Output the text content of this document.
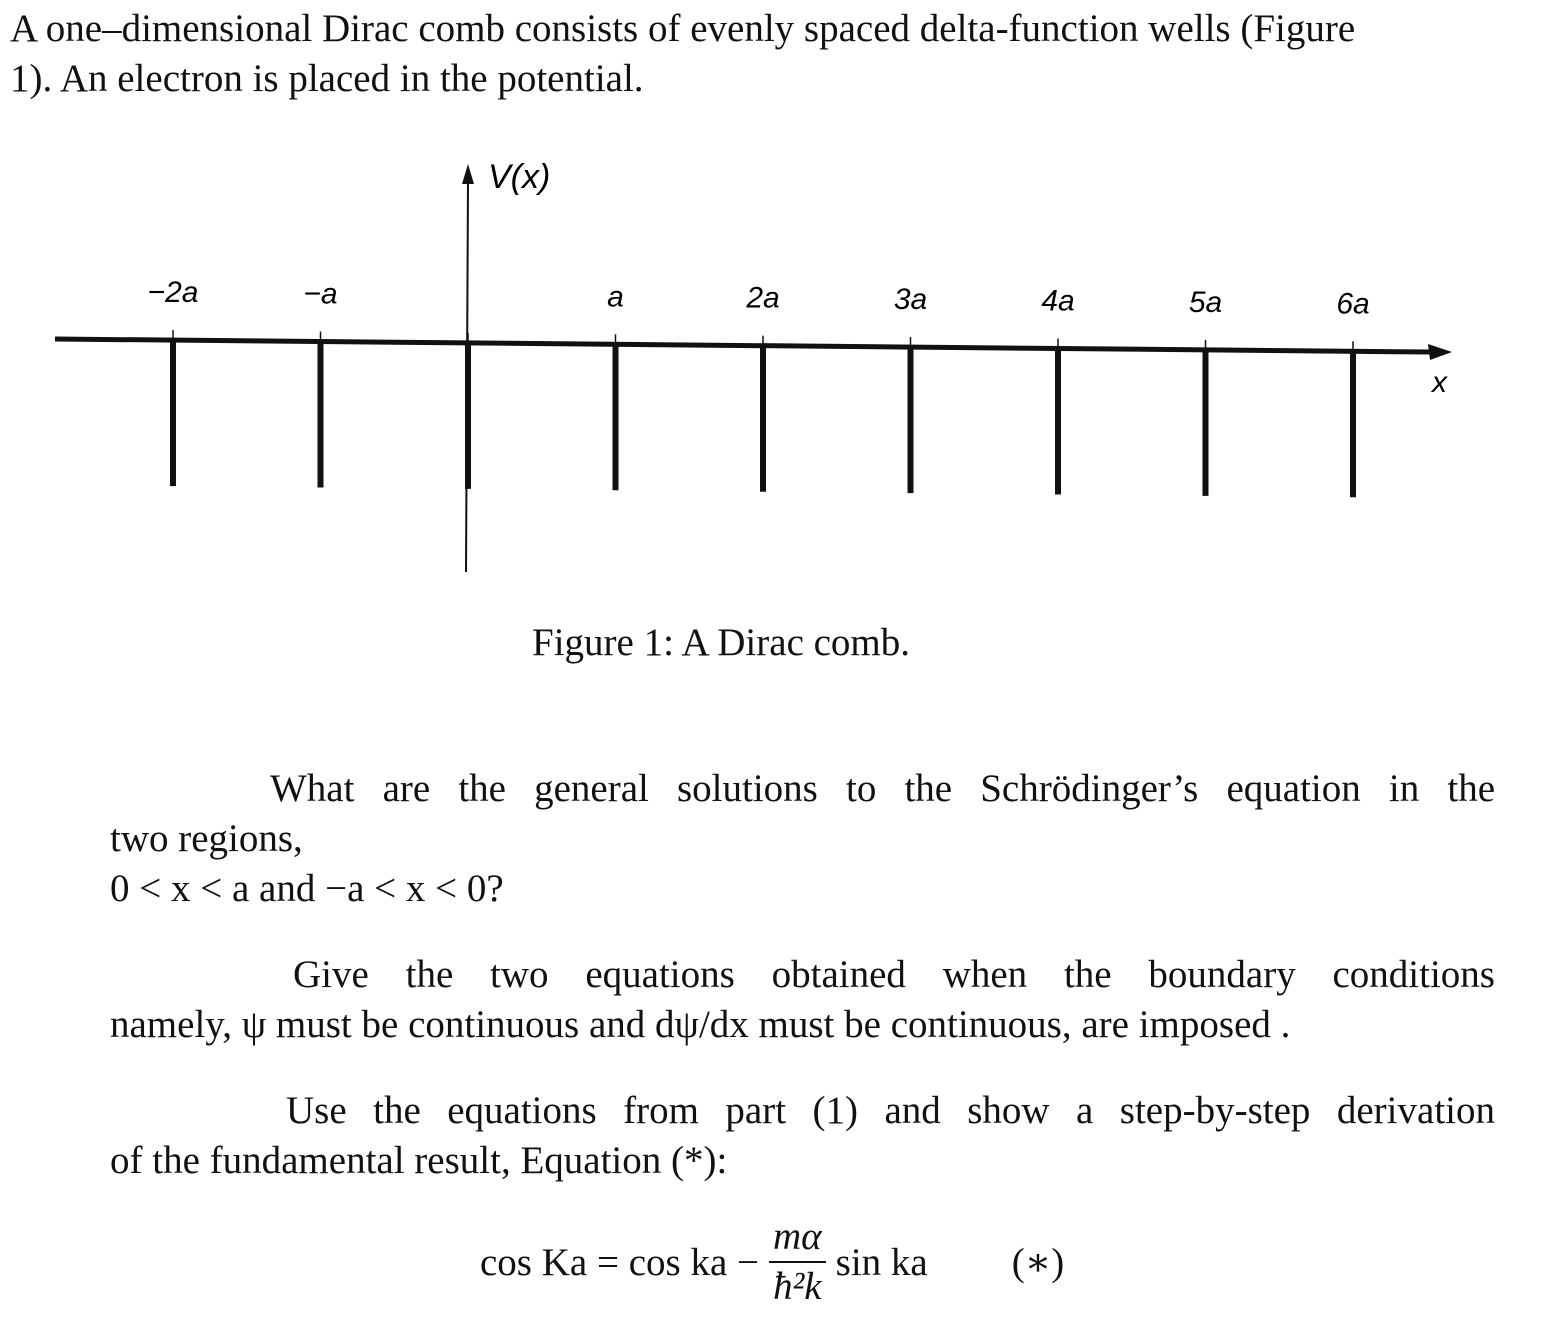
A one–dimensional Dirac comb consists of evenly spaced delta-function wells (Figure
1). An electron is placed in the potential.

V(x)
x
−2a	−a	a	2a	3a	4a	5a	6a
Figure 1: A Dirac comb.

What are the general solutions to the Schrödinger’s equation in the
two regions,
0 < x < a and −a < x < 0?

Give the two equations obtained when the boundary conditions
namely, ψ must be continuous and dψ/dx must be continuous, are imposed .

Use the equations from part (1) and show a step-by-step derivation
of the fundamental result, Equation (*):

cos Ka = cos ka − $\frac{m\alpha}{\text{ħ²k}}$ sin ka (∗)
